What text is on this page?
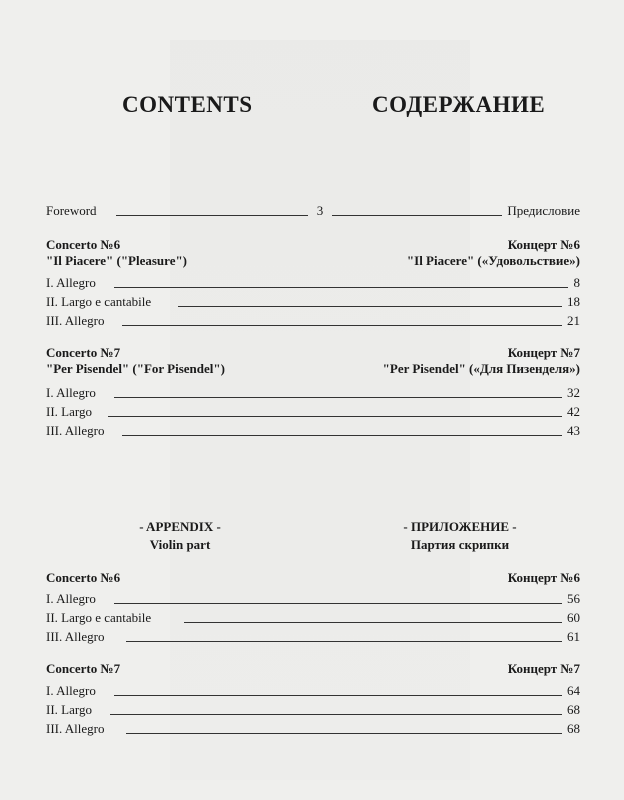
CONTENTS	СОДЕРЖАНИЕ
Foreword	3	Предисловие
Concerto №6	Концерт №6
"Il Piacere" ("Pleasure")	"Il Piacere" («Удовольствие»)
I. Allegro	8
II. Largo e cantabile	18
III. Allegro	21
Concerto №7	Концерт №7
"Per Pisendel" ("For Pisendel")	"Per Pisendel" («Для Пизенделя»)
I. Allegro	32
II. Largo	42
III. Allegro	43
- APPENDIX -	- ПРИЛОЖЕНИЕ -
Violin part	Партия скрипки
Concerto №6	Концерт №6
I. Allegro	56
II. Largo e cantabile	60
III. Allegro	61
Concerto №7	Концерт №7
I. Allegro	64
II. Largo	68
III. Allegro	68
